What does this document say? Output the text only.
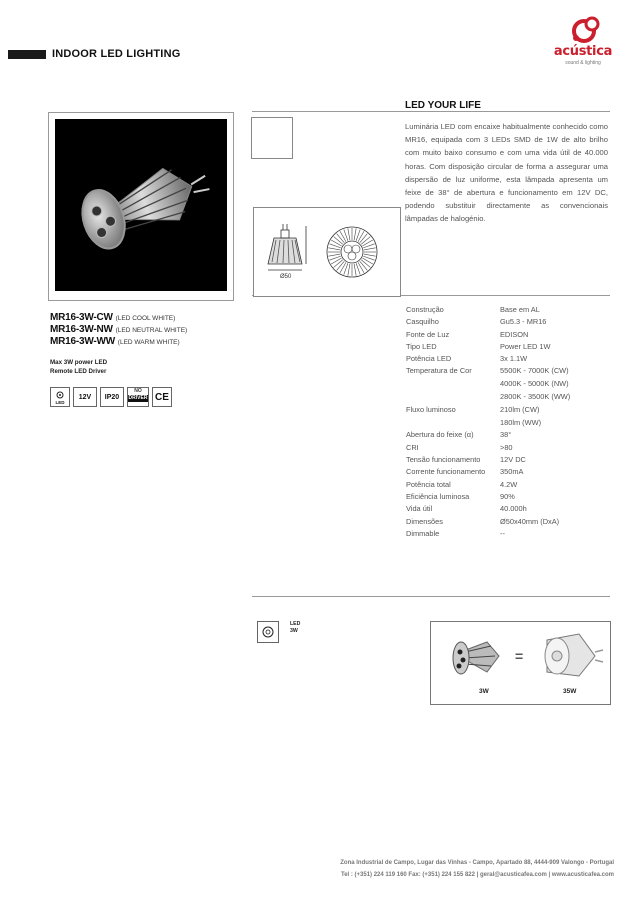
INDOOR LED LIGHTING	acústica
sound & lighting
LED YOUR LIFE
Luminária LED com encaixe habitualmente conhecido como MR16, equipada com 3 LEDs SMD de 1W de alto brilho com muito baixo consumo e com uma vida útil de 40.000 horas. Com disposição circular de forma a assegurar uma dispersão de luz uniforme, esta lâmpada apresenta um feixe de 38° de abertura e funcionamento em 12V DC, podendo substituir directamente as convencionais lâmpadas de halogénio.
Ø50
MR16-3W-CW (LED COOL WHITE)
MR16-3W-NW (LED NEUTRAL WHITE)
MR16-3W-WW (LED WARM WHITE)
Max 3W power LED
Remote LED Driver
LED
12V	IP20
NO
DRIVER CE
Construção	Base em AL
Casquilho	Gu5.3 - MR16
Fonte de Luz	EDISON
Tipo LED	Power LED 1W
Potência LED	3x 1.1W
Temperatura de Cor	5500K - 7000K (CW)
4000K - 5000K (NW)
2800K - 3500K (WW)
Fluxo luminoso	210lm (CW)
180lm (WW)
Abertura do feixe (α)	38°
CRI	>80
Tensão funcionamento	12V DC
Corrente funcionamento	350mA
Potência total	4.2W
Eficiência luminosa	90%
Vida útil	40.000h
Dimensões	Ø50x40mm (DxA)
Dimmable	--
LED
3W
=
3W	35W
Zona Industrial de Campo, Lugar das Vinhas - Campo, Apartado 88, 4444-909 Valongo - Portugal
Tel : (+351) 224 119 160 Fax: (+351) 224 155 822 | geral@acusticafea.com | www.acusticafea.com
